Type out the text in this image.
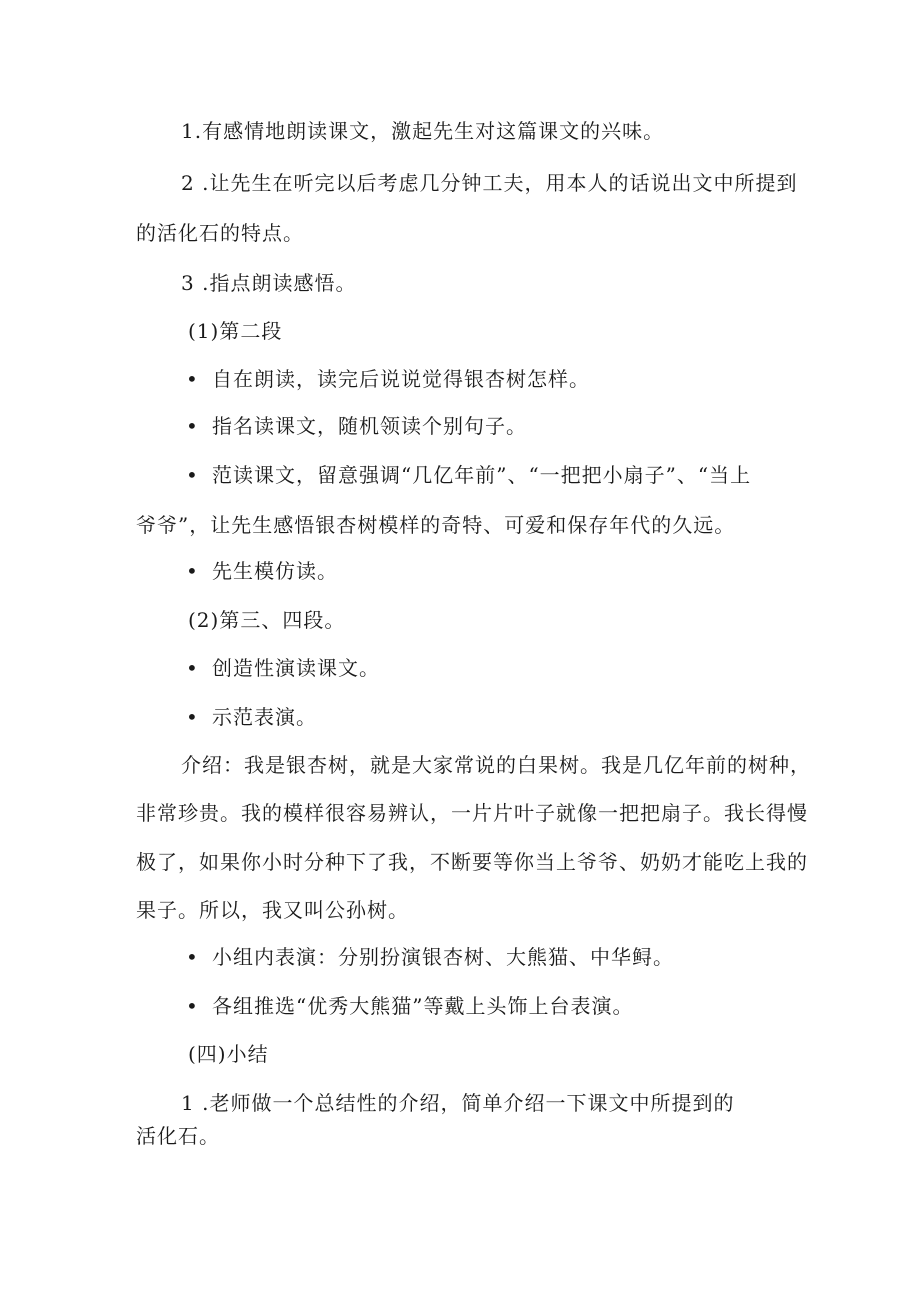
1.有感情地朗读课文，激起先生对这篇课文的兴味。

2 .让先生在听完以后考虑几分钟工夫，用本人的话说出文中所提到

的活化石的特点。

3 .指点朗读感悟。

(1)第二段

• 自在朗读，读完后说说觉得银杏树怎样。

• 指名读课文，随机领读个别句子。

• 范读课文，留意强调“几亿年前”、“一把把小扇子”、“当上

爷爷”，让先生感悟银杏树模样的奇特、可爱和保存年代的久远。

• 先生模仿读。

(2)第三、四段。

• 创造性演读课文。

• 示范表演。

介绍：我是银杏树，就是大家常说的白果树。我是几亿年前的树种，

非常珍贵。我的模样很容易辨认，一片片叶子就像一把把扇子。我长得慢

极了，如果你小时分种下了我，不断要等你当上爷爷、奶奶才能吃上我的

果子。所以，我又叫公孙树。

• 小组内表演：分别扮演银杏树、大熊猫、中华鲟。

• 各组推选“优秀大熊猫”等戴上头饰上台表演。

(四)小结

1 .老师做一个总结性的介绍，简单介绍一下课文中所提到的

活化石。
